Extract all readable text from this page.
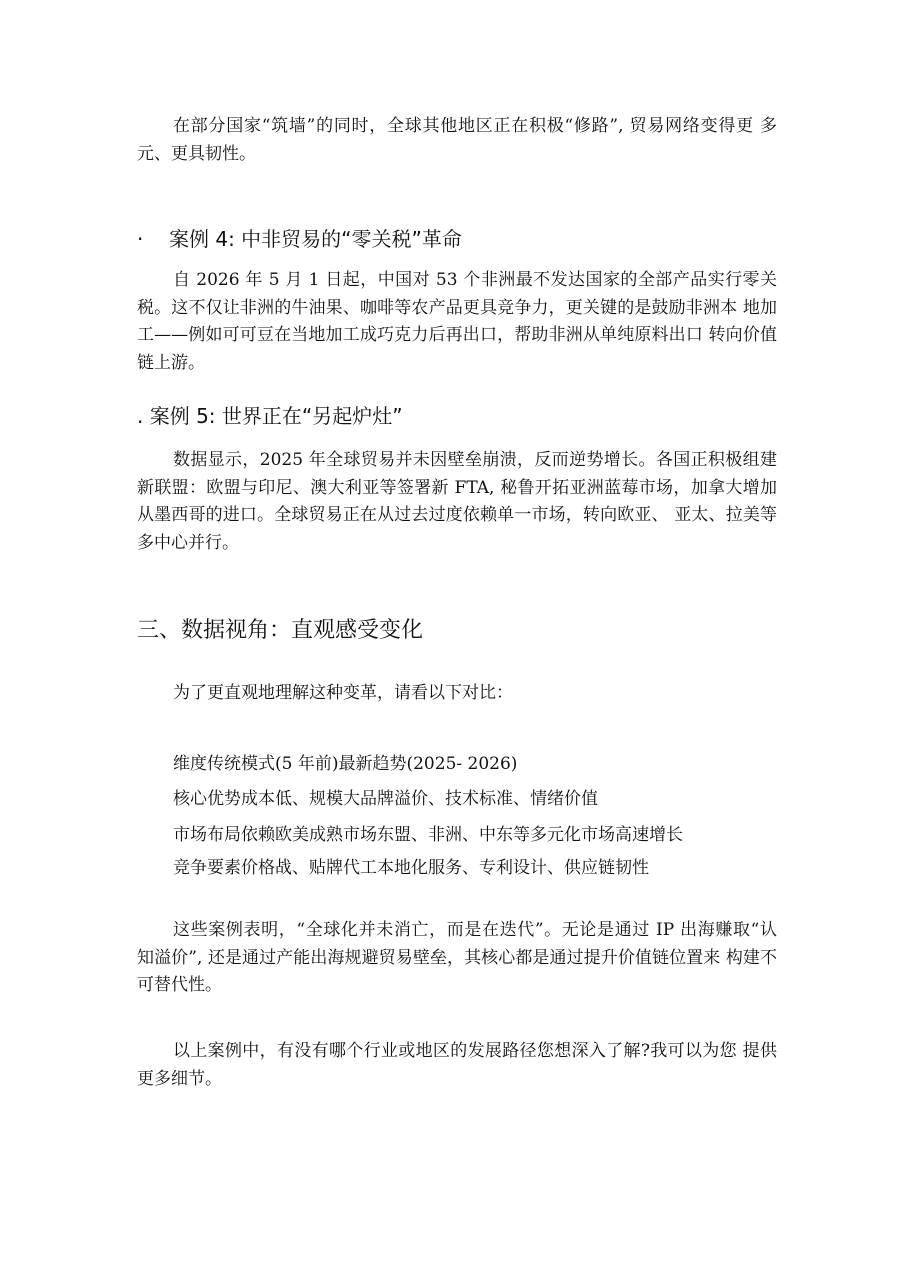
在部分国家“筑墙”的同时，全球其他地区正在积极“修路”, 贸易网络变得更 多元、更具韧性。

· 案例 4: 中非贸易的“零关税”革命

自 2026 年 5 月 1 日起，中国对 53 个非洲最不发达国家的全部产品实行零关 税。这不仅让非洲的牛油果、咖啡等农产品更具竞争力，更关键的是鼓励非洲本 地加工——例如可可豆在当地加工成巧克力后再出口，帮助非洲从单纯原料出口 转向价值链上游。

. 案例 5: 世界正在“另起炉灶”

数据显示，2025 年全球贸易并未因壁垒崩溃，反而逆势增长。各国正积极组建新联盟：欧盟与印尼、澳大利亚等签署新 FTA, 秘鲁开拓亚洲蓝莓市场，加拿大增加从墨西哥的进口。全球贸易正在从过去过度依赖单一市场，转向欧亚、 亚太、拉美等多中心并行。

三、数据视角：直观感受变化

为了更直观地理解这种变革，请看以下对比：

维度传统模式(5 年前)最新趋势(2025- 2026)

核心优势成本低、规模大品牌溢价、技术标准、情绪价值

市场布局依赖欧美成熟市场东盟、非洲、中东等多元化市场高速增长

竞争要素价格战、贴牌代工本地化服务、专利设计、供应链韧性

这些案例表明，“全球化并未消亡，而是在迭代”。无论是通过 IP 出海赚取“认 知溢价”, 还是通过产能出海规避贸易壁垒，其核心都是通过提升价值链位置来 构建不可替代性。

以上案例中，有没有哪个行业或地区的发展路径您想深入了解?我可以为您 提供更多细节。
